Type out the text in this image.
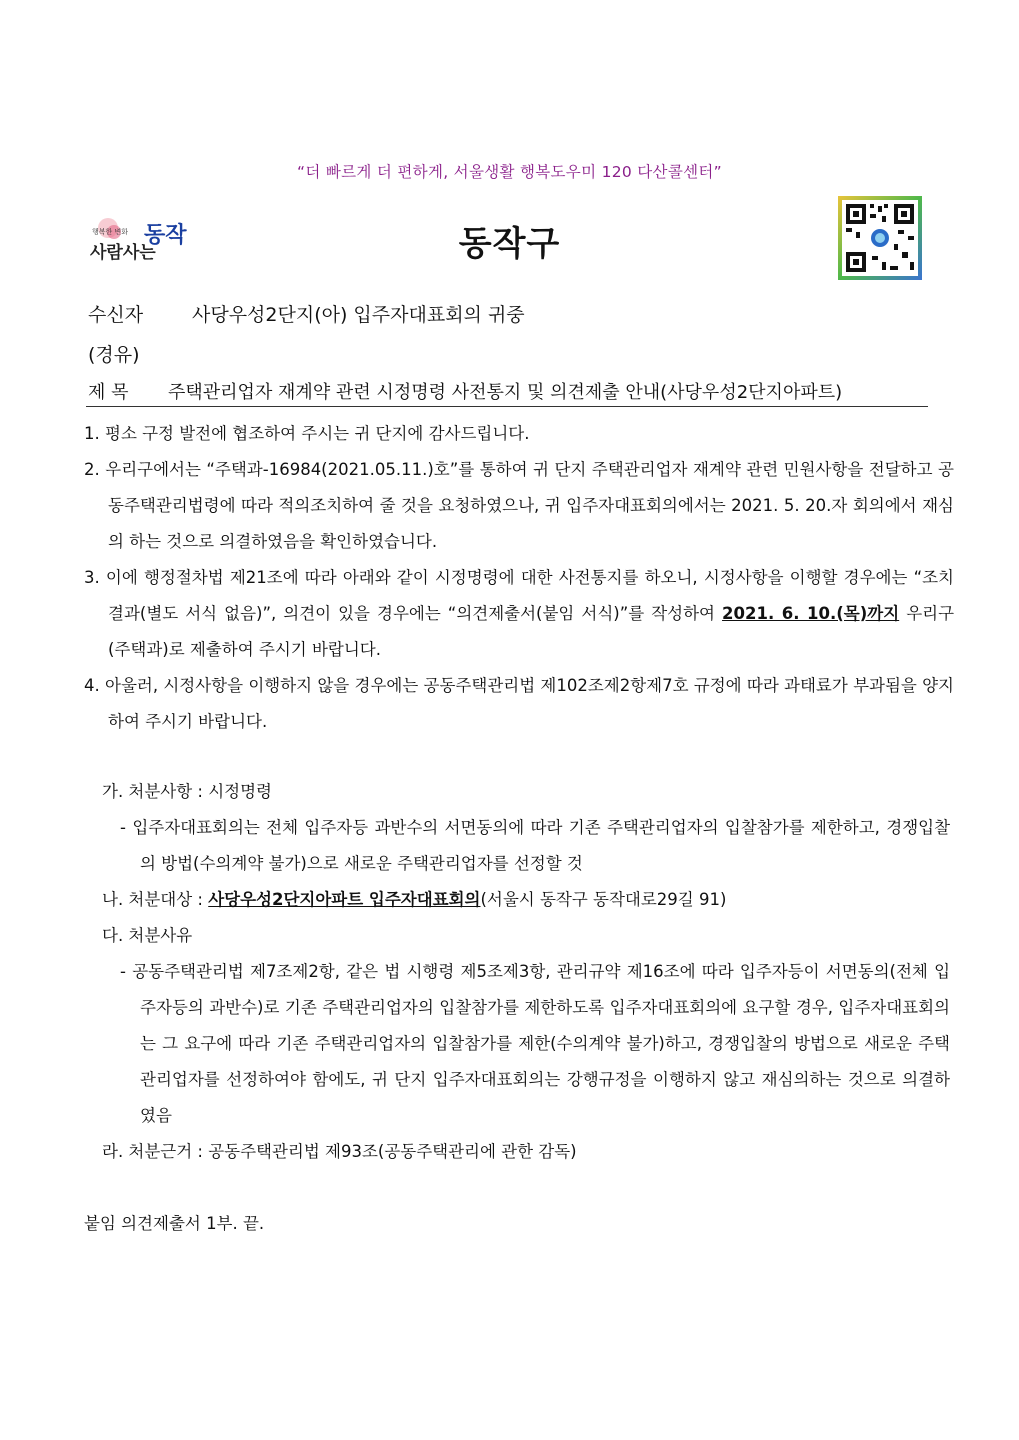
“더 빠르게 더 편하게, 서울생활 행복도우미 120 다산콜센터”
행복한 변화
사람사는
동작	동작구
수신자	사당우성2단지(아) 입주자대표회의 귀중
(경유)
제 목 주택관리업자 재계약 관련 시정명령 사전통지 및 의견제출 안내(사당우성2단지아파트)
1. 평소 구정 발전에 협조하여 주시는 귀 단지에 감사드립니다.
2. 우리구에서는 “주택과-16984(2021.05.11.)호”를 통하여 귀 단지 주택관리업자 재계약 관련 민원사항을 전달하고 공동주택관리법령에 따라 적의조치하여 줄 것을 요청하였으나, 귀 입주자대표회의에서는 2021. 5. 20.자 회의에서 재심의 하는 것으로 의결하였음을 확인하였습니다.
3. 이에 행정절차법 제21조에 따라 아래와 같이 시정명령에 대한 사전통지를 하오니, 시정사항을 이행할 경우에는 “조치결과(별도 서식 없음)”, 의견이 있을 경우에는 “의견제출서(붙임 서식)”를 작성하여 2021. 6. 10.(목)까지 우리구(주택과)로 제출하여 주시기 바랍니다.
4. 아울러, 시정사항을 이행하지 않을 경우에는 공동주택관리법 제102조제2항제7호 규정에 따라 과태료가 부과됨을 양지하여 주시기 바랍니다.
가. 처분사항 : 시정명령
- 입주자대표회의는 전체 입주자등 과반수의 서면동의에 따라 기존 주택관리업자의 입찰참가를 제한하고, 경쟁입찰의 방법(수의계약 불가)으로 새로운 주택관리업자를 선정할 것
나. 처분대상 : 사당우성2단지아파트 입주자대표회의(서울시 동작구 동작대로29길 91)
다. 처분사유
- 공동주택관리법 제7조제2항, 같은 법 시행령 제5조제3항, 관리규약 제16조에 따라 입주자등이 서면동의(전체 입주자등의 과반수)로 기존 주택관리업자의 입찰참가를 제한하도록 입주자대표회의에 요구할 경우, 입주자대표회의는 그 요구에 따라 기존 주택관리업자의 입찰참가를 제한(수의계약 불가)하고, 경쟁입찰의 방법으로 새로운 주택관리업자를 선정하여야 함에도, 귀 단지 입주자대표회의는 강행규정을 이행하지 않고 재심의하는 것으로 의결하였음
라. 처분근거 : 공동주택관리법 제93조(공동주택관리에 관한 감독)
붙임 의견제출서 1부. 끝.
